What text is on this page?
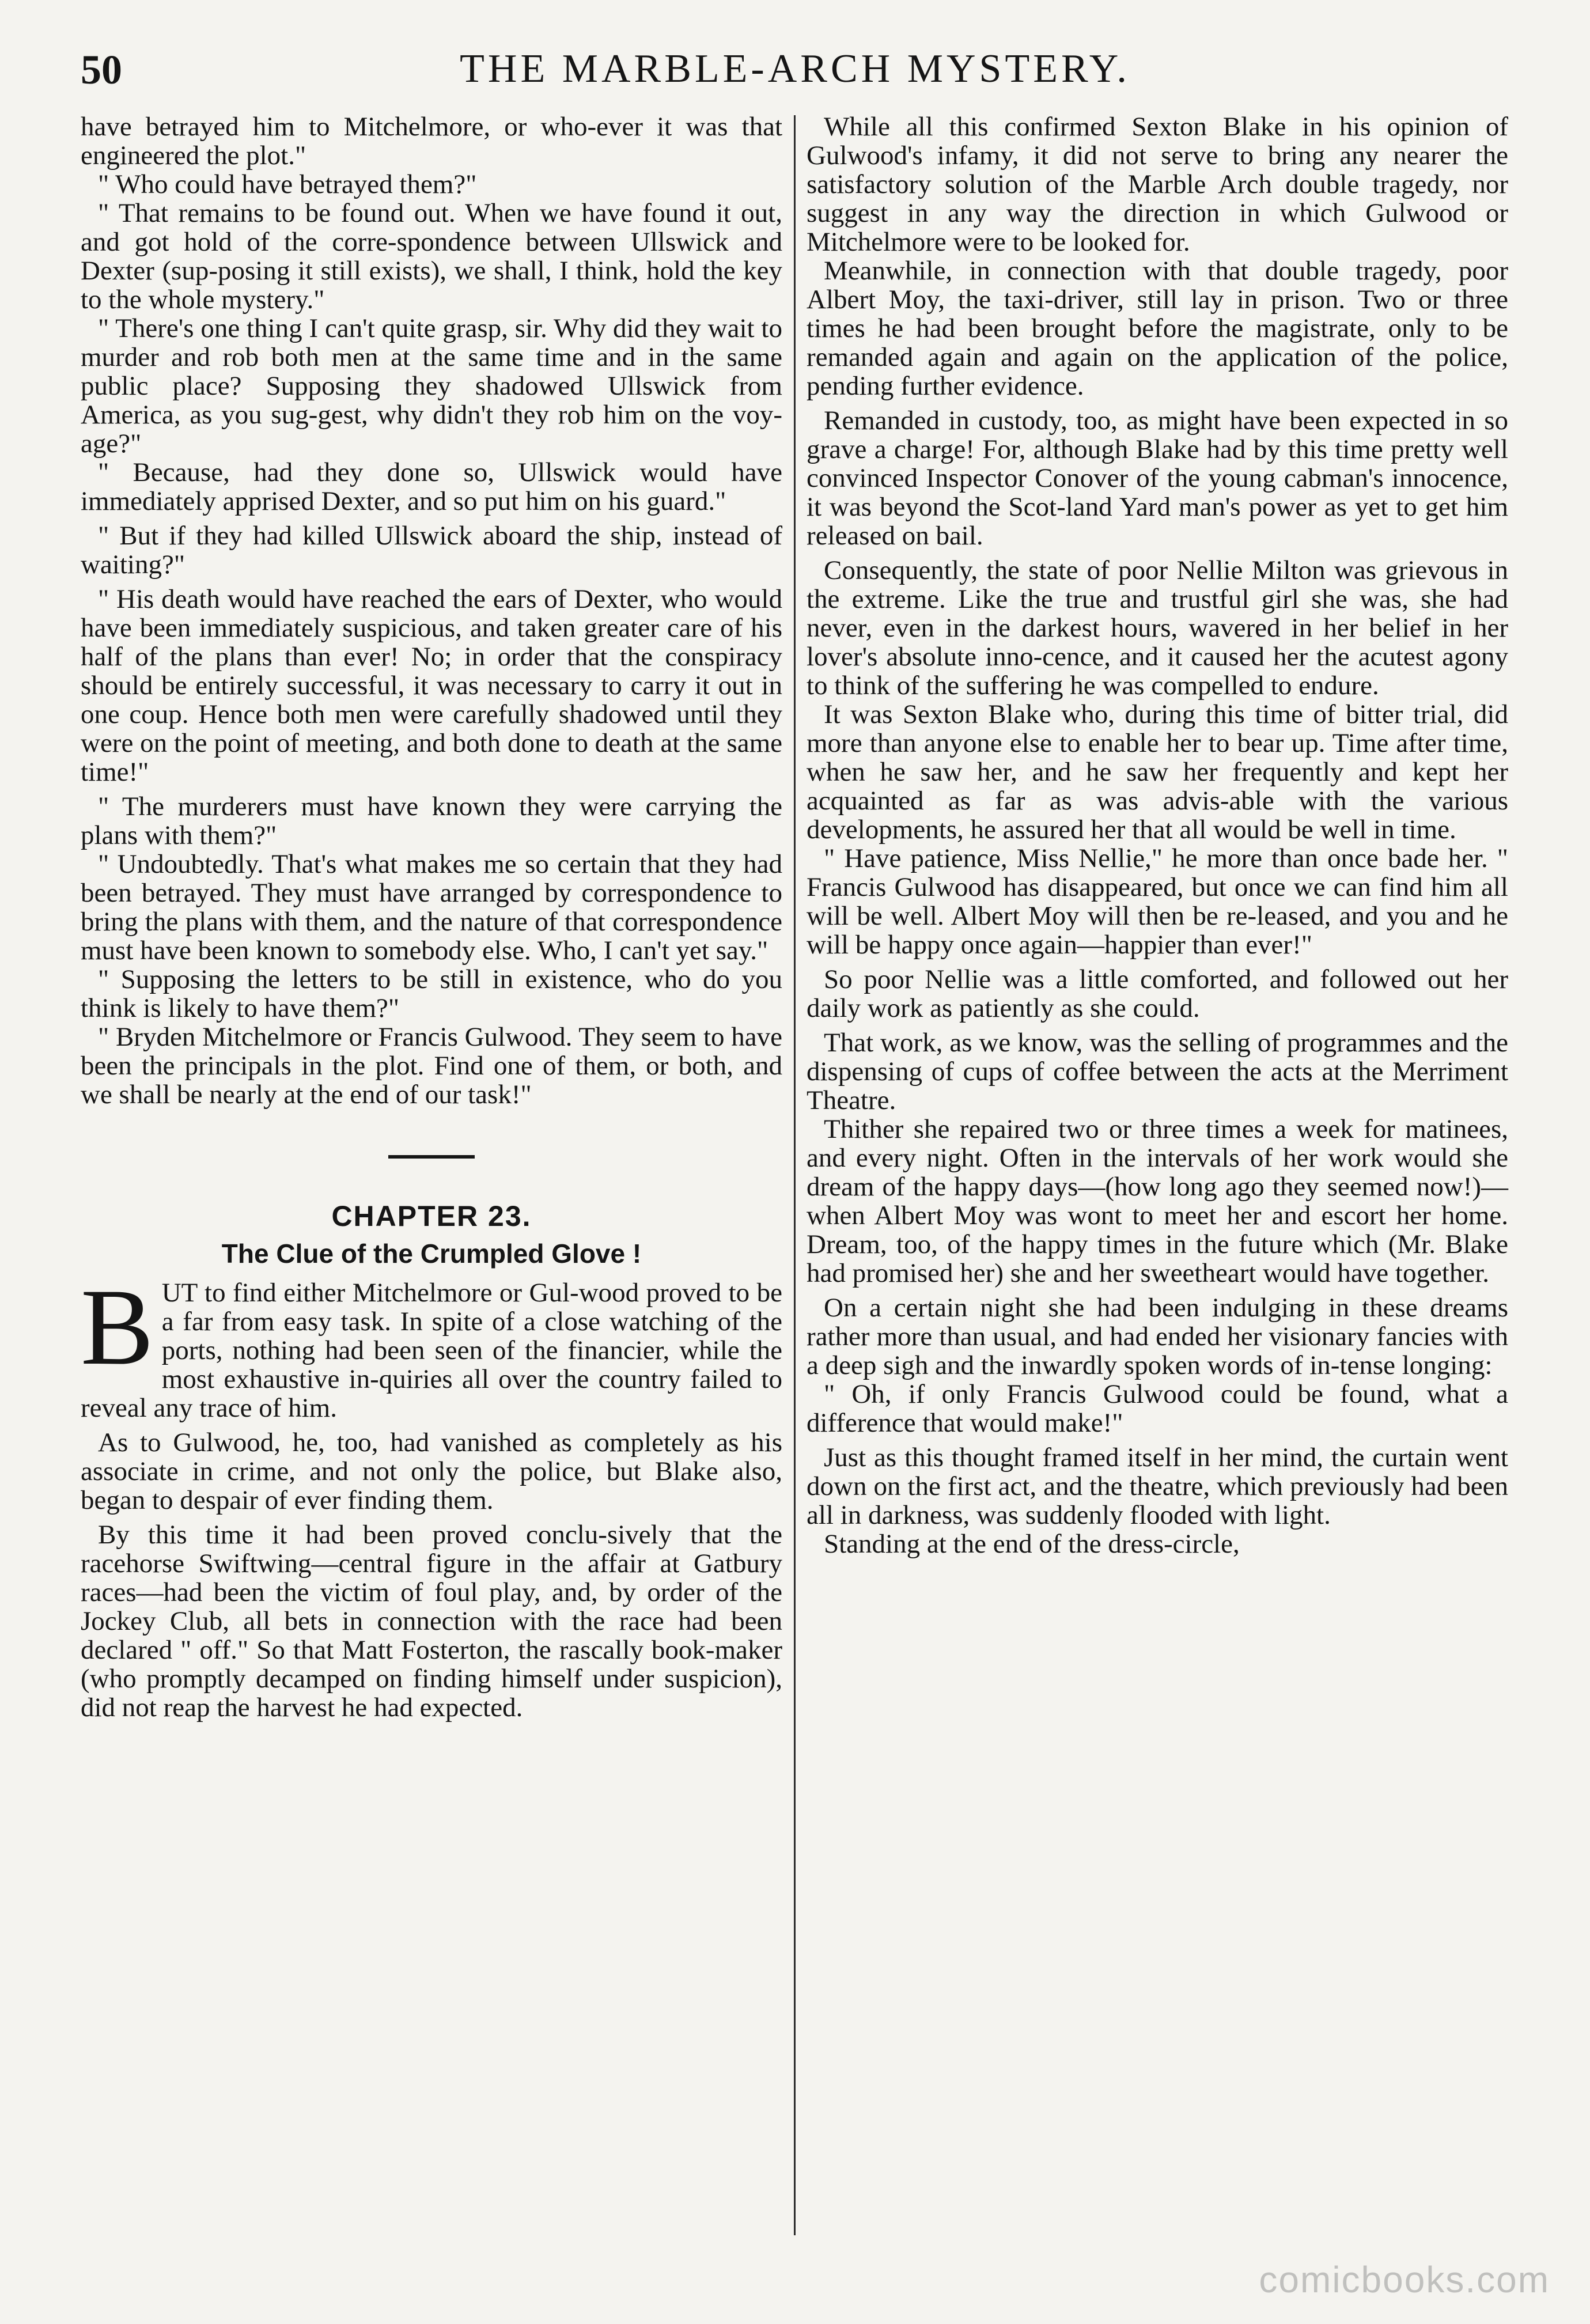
50	THE MARBLE-ARCH MYSTERY.

have betrayed him to Mitchelmore, or who-ever it was that engineered the plot."

" Who could have betrayed them?"

" That remains to be found out. When we have found it out, and got hold of the corre-spondence between Ullswick and Dexter (sup-posing it still exists), we shall, I think, hold the key to the whole mystery."

" There's one thing I can't quite grasp, sir. Why did they wait to murder and rob both men at the same time and in the same public place? Supposing they shadowed Ullswick from America, as you sug-gest, why didn't they rob him on the voy-age?"

" Because, had they done so, Ullswick would have immediately apprised Dexter, and so put him on his guard."

" But if they had killed Ullswick aboard the ship, instead of waiting?"

" His death would have reached the ears of Dexter, who would have been immediately suspicious, and taken greater care of his half of the plans than ever! No; in order that the conspiracy should be entirely successful, it was necessary to carry it out in one coup. Hence both men were carefully shadowed until they were on the point of meeting, and both done to death at the same time!"

" The murderers must have known they were carrying the plans with them?"

" Undoubtedly. That's what makes me so certain that they had been betrayed. They must have arranged by correspondence to bring the plans with them, and the nature of that correspondence must have been known to somebody else. Who, I can't yet say."

" Supposing the letters to be still in existence, who do you think is likely to have them?"

" Bryden Mitchelmore or Francis Gulwood. They seem to have been the principals in the plot. Find one of them, or both, and we shall be nearly at the end of our task!"

CHAPTER 23.
The Clue of the Crumpled Glove !

BUT to find either Mitchelmore or Gul-wood proved to be a far from easy task. In spite of a close watching of the ports, nothing had been seen of the financier, while the most exhaustive in-quiries all over the country failed to reveal any trace of him.

As to Gulwood, he, too, had vanished as completely as his associate in crime, and not only the police, but Blake also, began to despair of ever finding them.

By this time it had been proved conclu-sively that the racehorse Swiftwing—central figure in the affair at Gatbury races—had been the victim of foul play, and, by order of the Jockey Club, all bets in connection with the race had been declared " off." So that Matt Fosterton, the rascally book-maker (who promptly decamped on finding himself under suspicion), did not reap the harvest he had expected.

While all this confirmed Sexton Blake in his opinion of Gulwood's infamy, it did not serve to bring any nearer the satisfactory solution of the Marble Arch double tragedy, nor suggest in any way the direction in which Gulwood or Mitchelmore were to be looked for.

Meanwhile, in connection with that double tragedy, poor Albert Moy, the taxi-driver, still lay in prison. Two or three times he had been brought before the magistrate, only to be remanded again and again on the application of the police, pending further evidence.

Remanded in custody, too, as might have been expected in so grave a charge! For, although Blake had by this time pretty well convinced Inspector Conover of the young cabman's innocence, it was beyond the Scot-land Yard man's power as yet to get him released on bail.

Consequently, the state of poor Nellie Milton was grievous in the extreme. Like the true and trustful girl she was, she had never, even in the darkest hours, wavered in her belief in her lover's absolute inno-cence, and it caused her the acutest agony to think of the suffering he was compelled to endure.

It was Sexton Blake who, during this time of bitter trial, did more than anyone else to enable her to bear up. Time after time, when he saw her, and he saw her frequently and kept her acquainted as far as was advis-able with the various developments, he assured her that all would be well in time.

" Have patience, Miss Nellie," he more than once bade her. " Francis Gulwood has disappeared, but once we can find him all will be well. Albert Moy will then be re-leased, and you and he will be happy once again—happier than ever!"

So poor Nellie was a little comforted, and followed out her daily work as patiently as she could.

That work, as we know, was the selling of programmes and the dispensing of cups of coffee between the acts at the Merriment Theatre.

Thither she repaired two or three times a week for matinees, and every night. Often in the intervals of her work would she dream of the happy days—(how long ago they seemed now!)—when Albert Moy was wont to meet her and escort her home. Dream, too, of the happy times in the future which (Mr. Blake had promised her) she and her sweetheart would have together.

On a certain night she had been indulging in these dreams rather more than usual, and had ended her visionary fancies with a deep sigh and the inwardly spoken words of in-tense longing:

" Oh, if only Francis Gulwood could be found, what a difference that would make!"

Just as this thought framed itself in her mind, the curtain went down on the first act, and the theatre, which previously had been all in darkness, was suddenly flooded with light.

Standing at the end of the dress-circle,

comicbooks.com
